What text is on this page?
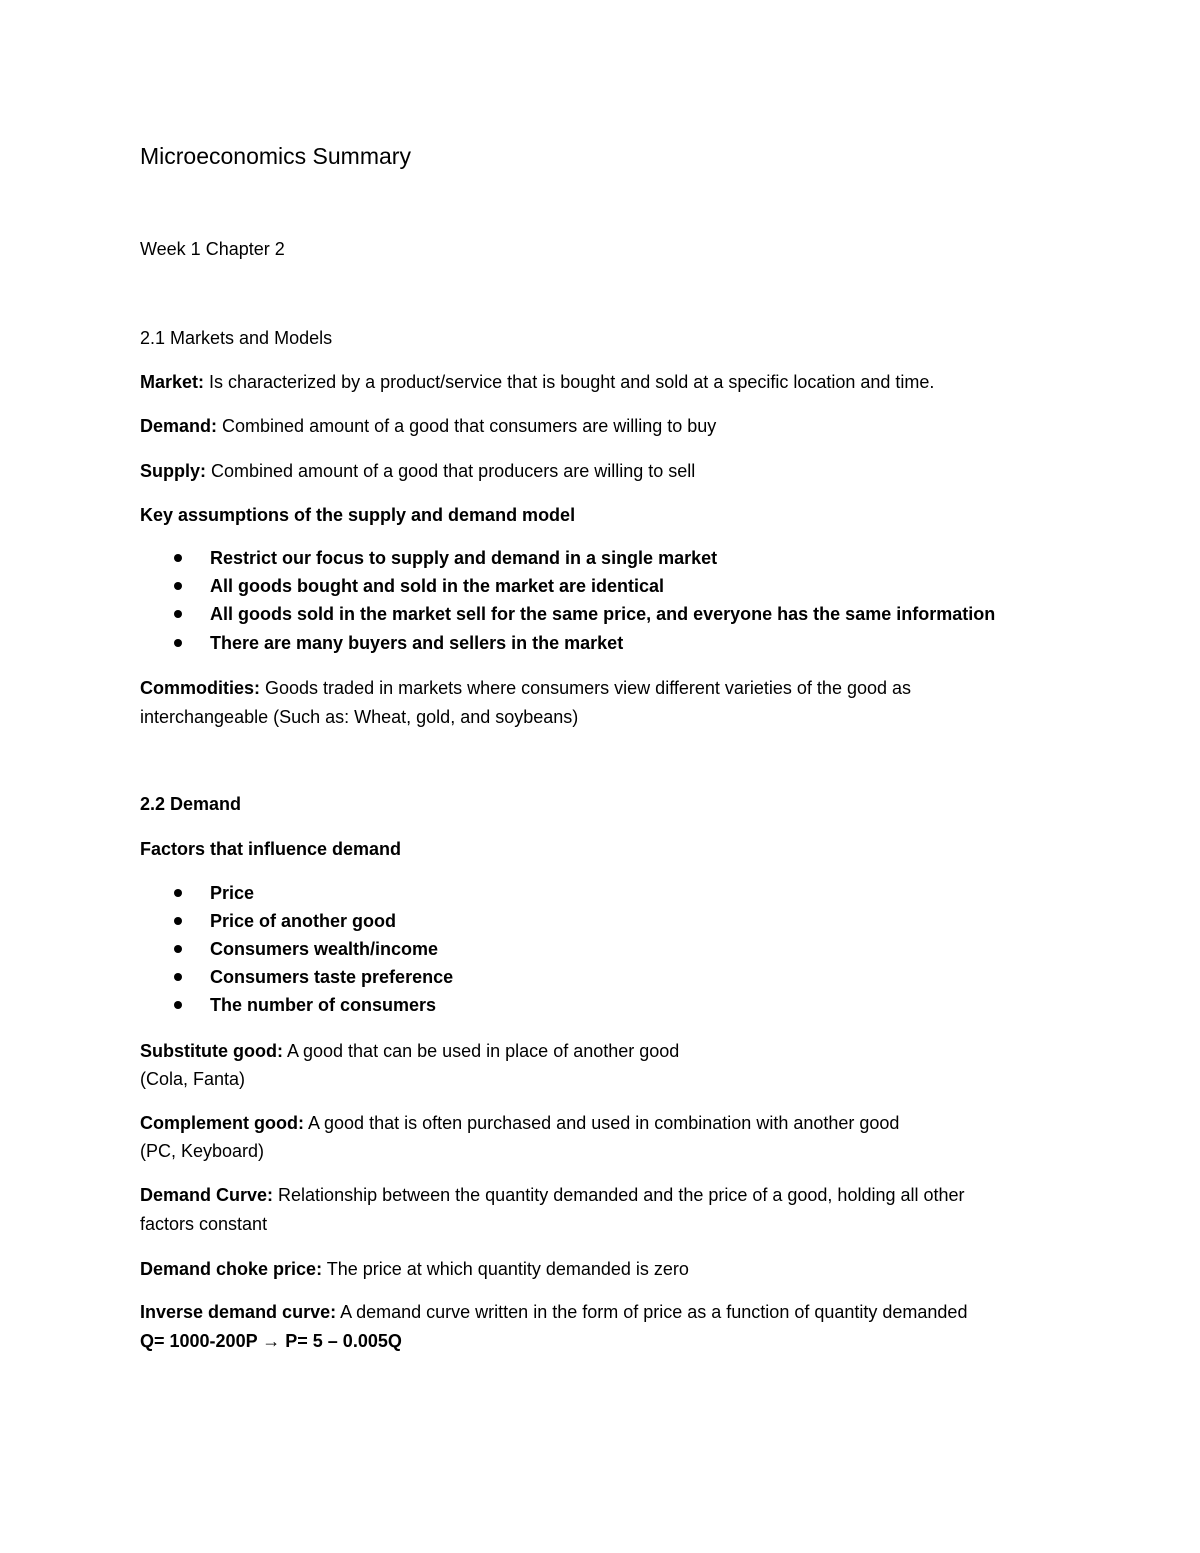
Microeconomics Summary
Week 1 Chapter 2
2.1 Markets and Models
Market: Is characterized by a product/service that is bought and sold at a specific location and time.
Demand: Combined amount of a good that consumers are willing to buy
Supply: Combined amount of a good that producers are willing to sell
Key assumptions of the supply and demand model
Restrict our focus to supply and demand in a single market
All goods bought and sold in the market are identical
All goods sold in the market sell for the same price, and everyone has the same information
There are many buyers and sellers in the market
Commodities: Goods traded in markets where consumers view different varieties of the good as
interchangeable (Such as: Wheat, gold, and soybeans)
2.2 Demand
Factors that influence demand
Price
Price of another good
Consumers wealth/income
Consumers taste preference
The number of consumers
Substitute good: A good that can be used in place of another good
(Cola, Fanta)
Complement good: A good that is often purchased and used in combination with another good
(PC, Keyboard)
Demand Curve: Relationship between the quantity demanded and the price of a good, holding all other
factors constant
Demand choke price: The price at which quantity demanded is zero
Inverse demand curve: A demand curve written in the form of price as a function of quantity demanded
Q= 1000-200P → P= 5 – 0.005Q
